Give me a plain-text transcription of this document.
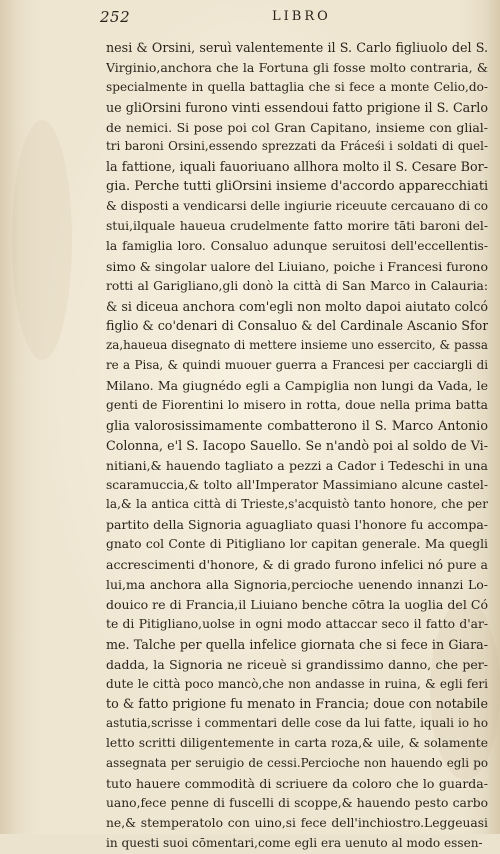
252	LIBRO
nesi & Orsini, seruì valentemente il S. Carlo figliuolo del S.
Virginio,anchora che la Fortuna gli fosse molto contraria, &
specialmente in quella battaglia che si fece a monte Celio,do-
ue gliOrsini furono vinti essendoui fatto prigione il S. Carlo
de nemici. Si pose poi col Gran Capitano, insieme con glial-
tri baroni Orsini,essendo sprezzati da Fráceśi i soldati di quel-
la fattione, iquali fauoriuano allhora molto il S. Cesare Bor-
gia. Perche tutti gliOrsini insieme d'accordo apparecchiati
& disposti a vendicarsi delle ingiurie riceuute cercauano di co
stui,ilquale haueua crudelmente fatto morire tāti baroni del-
la famiglia loro. Consaluo adunque seruitosi dell'eccellentis-
simo & singolar ualore del Liuiano, poiche i Francesi furono
rotti al Garigliano,gli donò la città di San Marco in Calauria:
& si diceua anchora com'egli non molto dapoi aiutato colcó
figlio & co'denari di Consaluo & del Cardinale Ascanio Sfor
za,haueua disegnato di mettere insieme uno essercito, & passa
re a Pisa, & quindi muouer guerra a Francesi per cacciargli di
Milano. Ma giugnédo egli a Campiglia non lungi da Vada, le
genti de Fiorentini lo misero in rotta, doue nella prima batta
glia valorosissimamente combatterono il S. Marco Antonio
Colonna, e'l S. Iacopo Sauello. Se n'andò poi al soldo de Vi-
nitiani,& hauendo tagliato a pezzi a Cador i Tedeschi in una
scaramuccia,& tolto all'Imperator Massimiano alcune castel-
la,& la antica città di Trieste,s'acquistò tanto honore, che per
partito della Signoria aguagliato quasi l'honore fu accompa-
gnato col Conte di Pitigliano lor capitan generale. Ma quegli
accrescimenti d'honore, & di grado furono infelici nó pure a
lui,ma anchora alla Signoria,percioche uenendo innanzi Lo-
douico re di Francia,il Liuiano benche cōtra la uoglia del Có
te di Pitigliano,uolse in ogni modo attaccar seco il fatto d'ar-
me. Talche per quella infelice giornata che si fece in Giara-
dadda, la Signoria ne riceuè si grandissimo danno, che per-
dute le città poco mancò,che non andasse in ruina, & egli feri
to & fatto prigione fu menato in Francia; doue con notabile
astutia,scrisse i commentari delle cose da lui fatte, iquali io ho
letto scritti diligentemente in carta roza,& uile, & solamente
assegnata per seruigio de cessi.Percioche non hauendo egli po
tuto hauere commodità di scriuere da coloro che lo guarda-
uano,fece penne di fuscelli di scoppe,& hauendo pesto carbo
ne,& stemperatolo con uino,si fece dell'inchiostro.Leggeuasi
in questi suoi cōmentari,come egli era uenuto al modo essen-
